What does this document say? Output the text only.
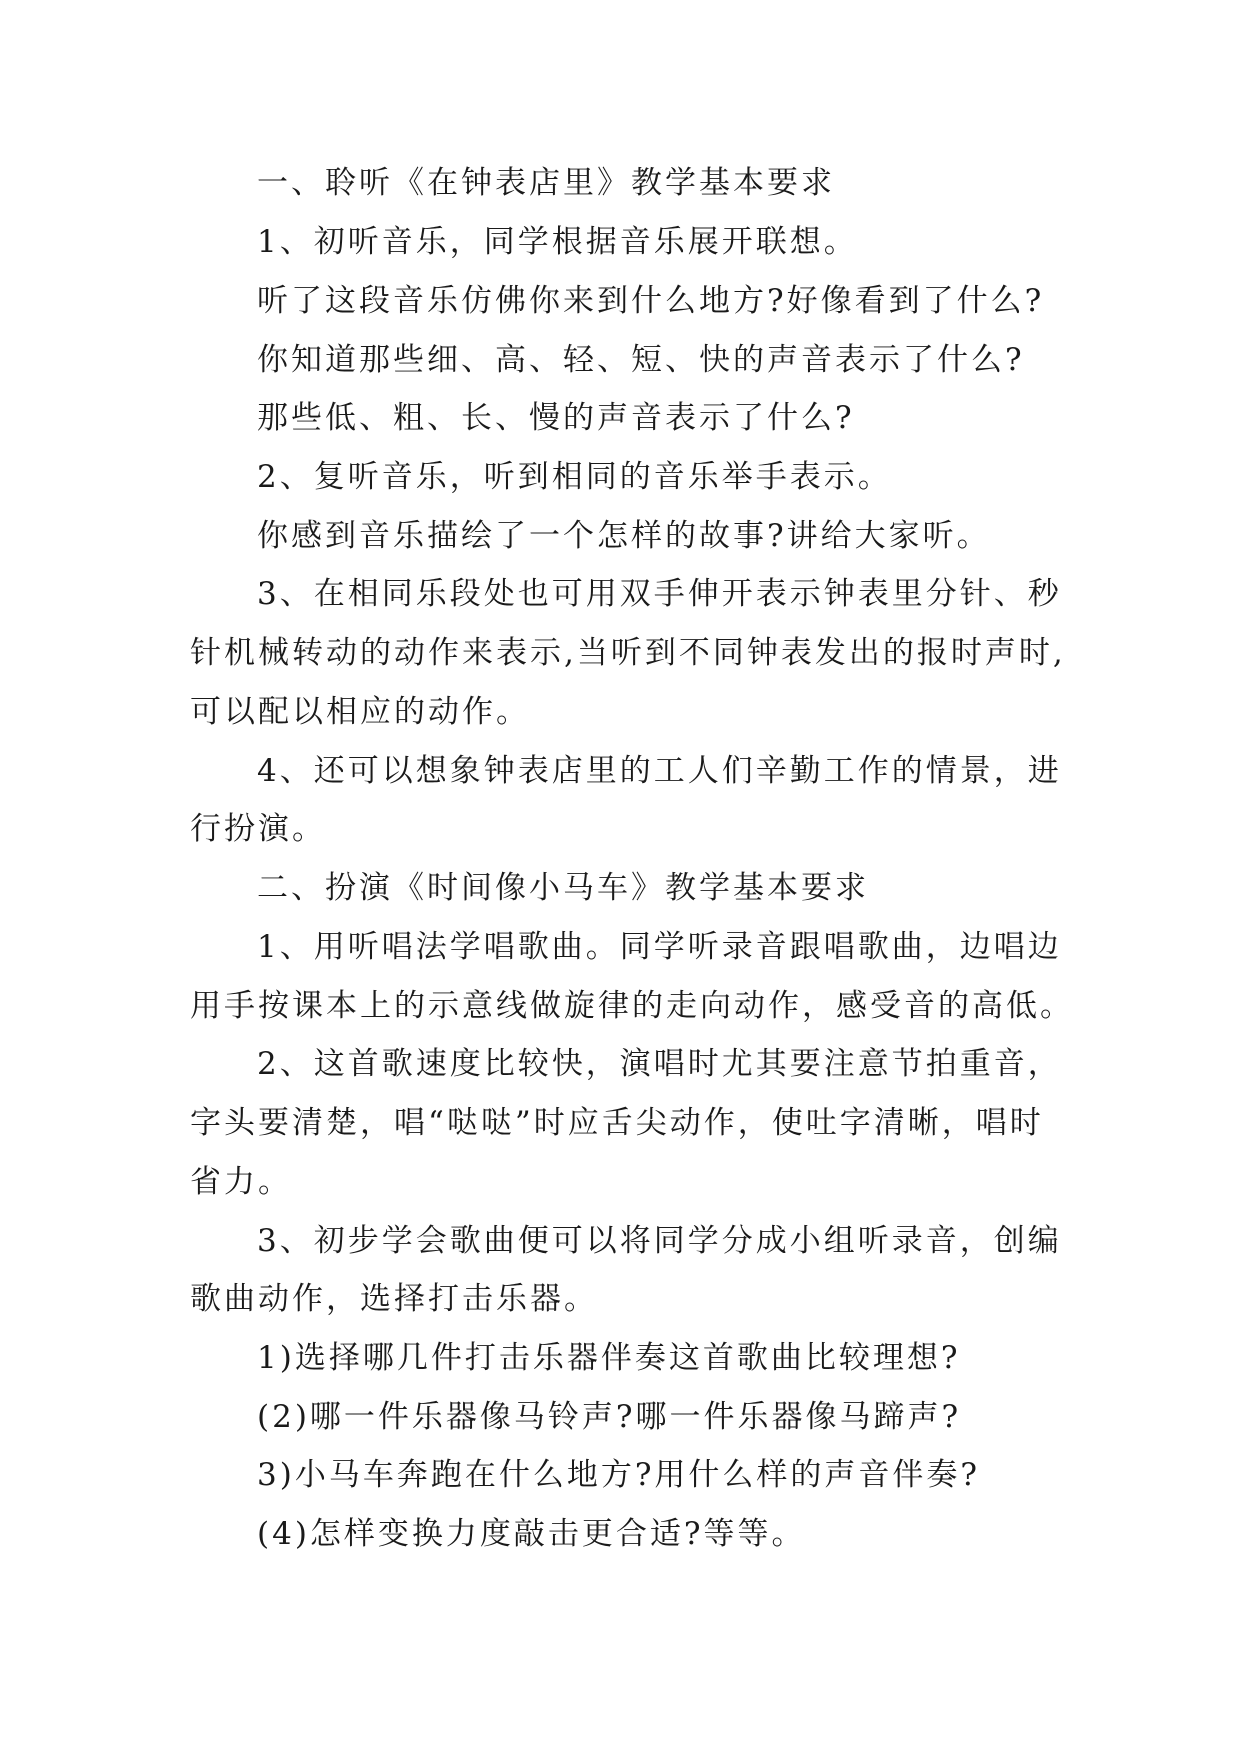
一、聆听《在钟表店里》教学基本要求
1、初听音乐，同学根据音乐展开联想。
听了这段音乐仿佛你来到什么地方?好像看到了什么?
你知道那些细、高、轻、短、快的声音表示了什么?
那些低、粗、长、慢的声音表示了什么?
2、复听音乐，听到相同的音乐举手表示。
你感到音乐描绘了一个怎样的故事?讲给大家听。
3、在相同乐段处也可用双手伸开表示钟表里分针、秒
针机械转动的动作来表示,当听到不同钟表发出的报时声时,
可以配以相应的动作。
4、还可以想象钟表店里的工人们辛勤工作的情景，进
行扮演。
二、扮演《时间像小马车》教学基本要求
1、用听唱法学唱歌曲。同学听录音跟唱歌曲，边唱边
用手按课本上的示意线做旋律的走向动作，感受音的高低。
2、这首歌速度比较快，演唱时尤其要注意节拍重音，
字头要清楚，唱“哒哒”时应舌尖动作，使吐字清晰，唱时
省力。
3、初步学会歌曲便可以将同学分成小组听录音，创编
歌曲动作，选择打击乐器。
1)选择哪几件打击乐器伴奏这首歌曲比较理想?
(2)哪一件乐器像马铃声?哪一件乐器像马蹄声?
3)小马车奔跑在什么地方?用什么样的声音伴奏?
(4)怎样变换力度敲击更合适?等等。
